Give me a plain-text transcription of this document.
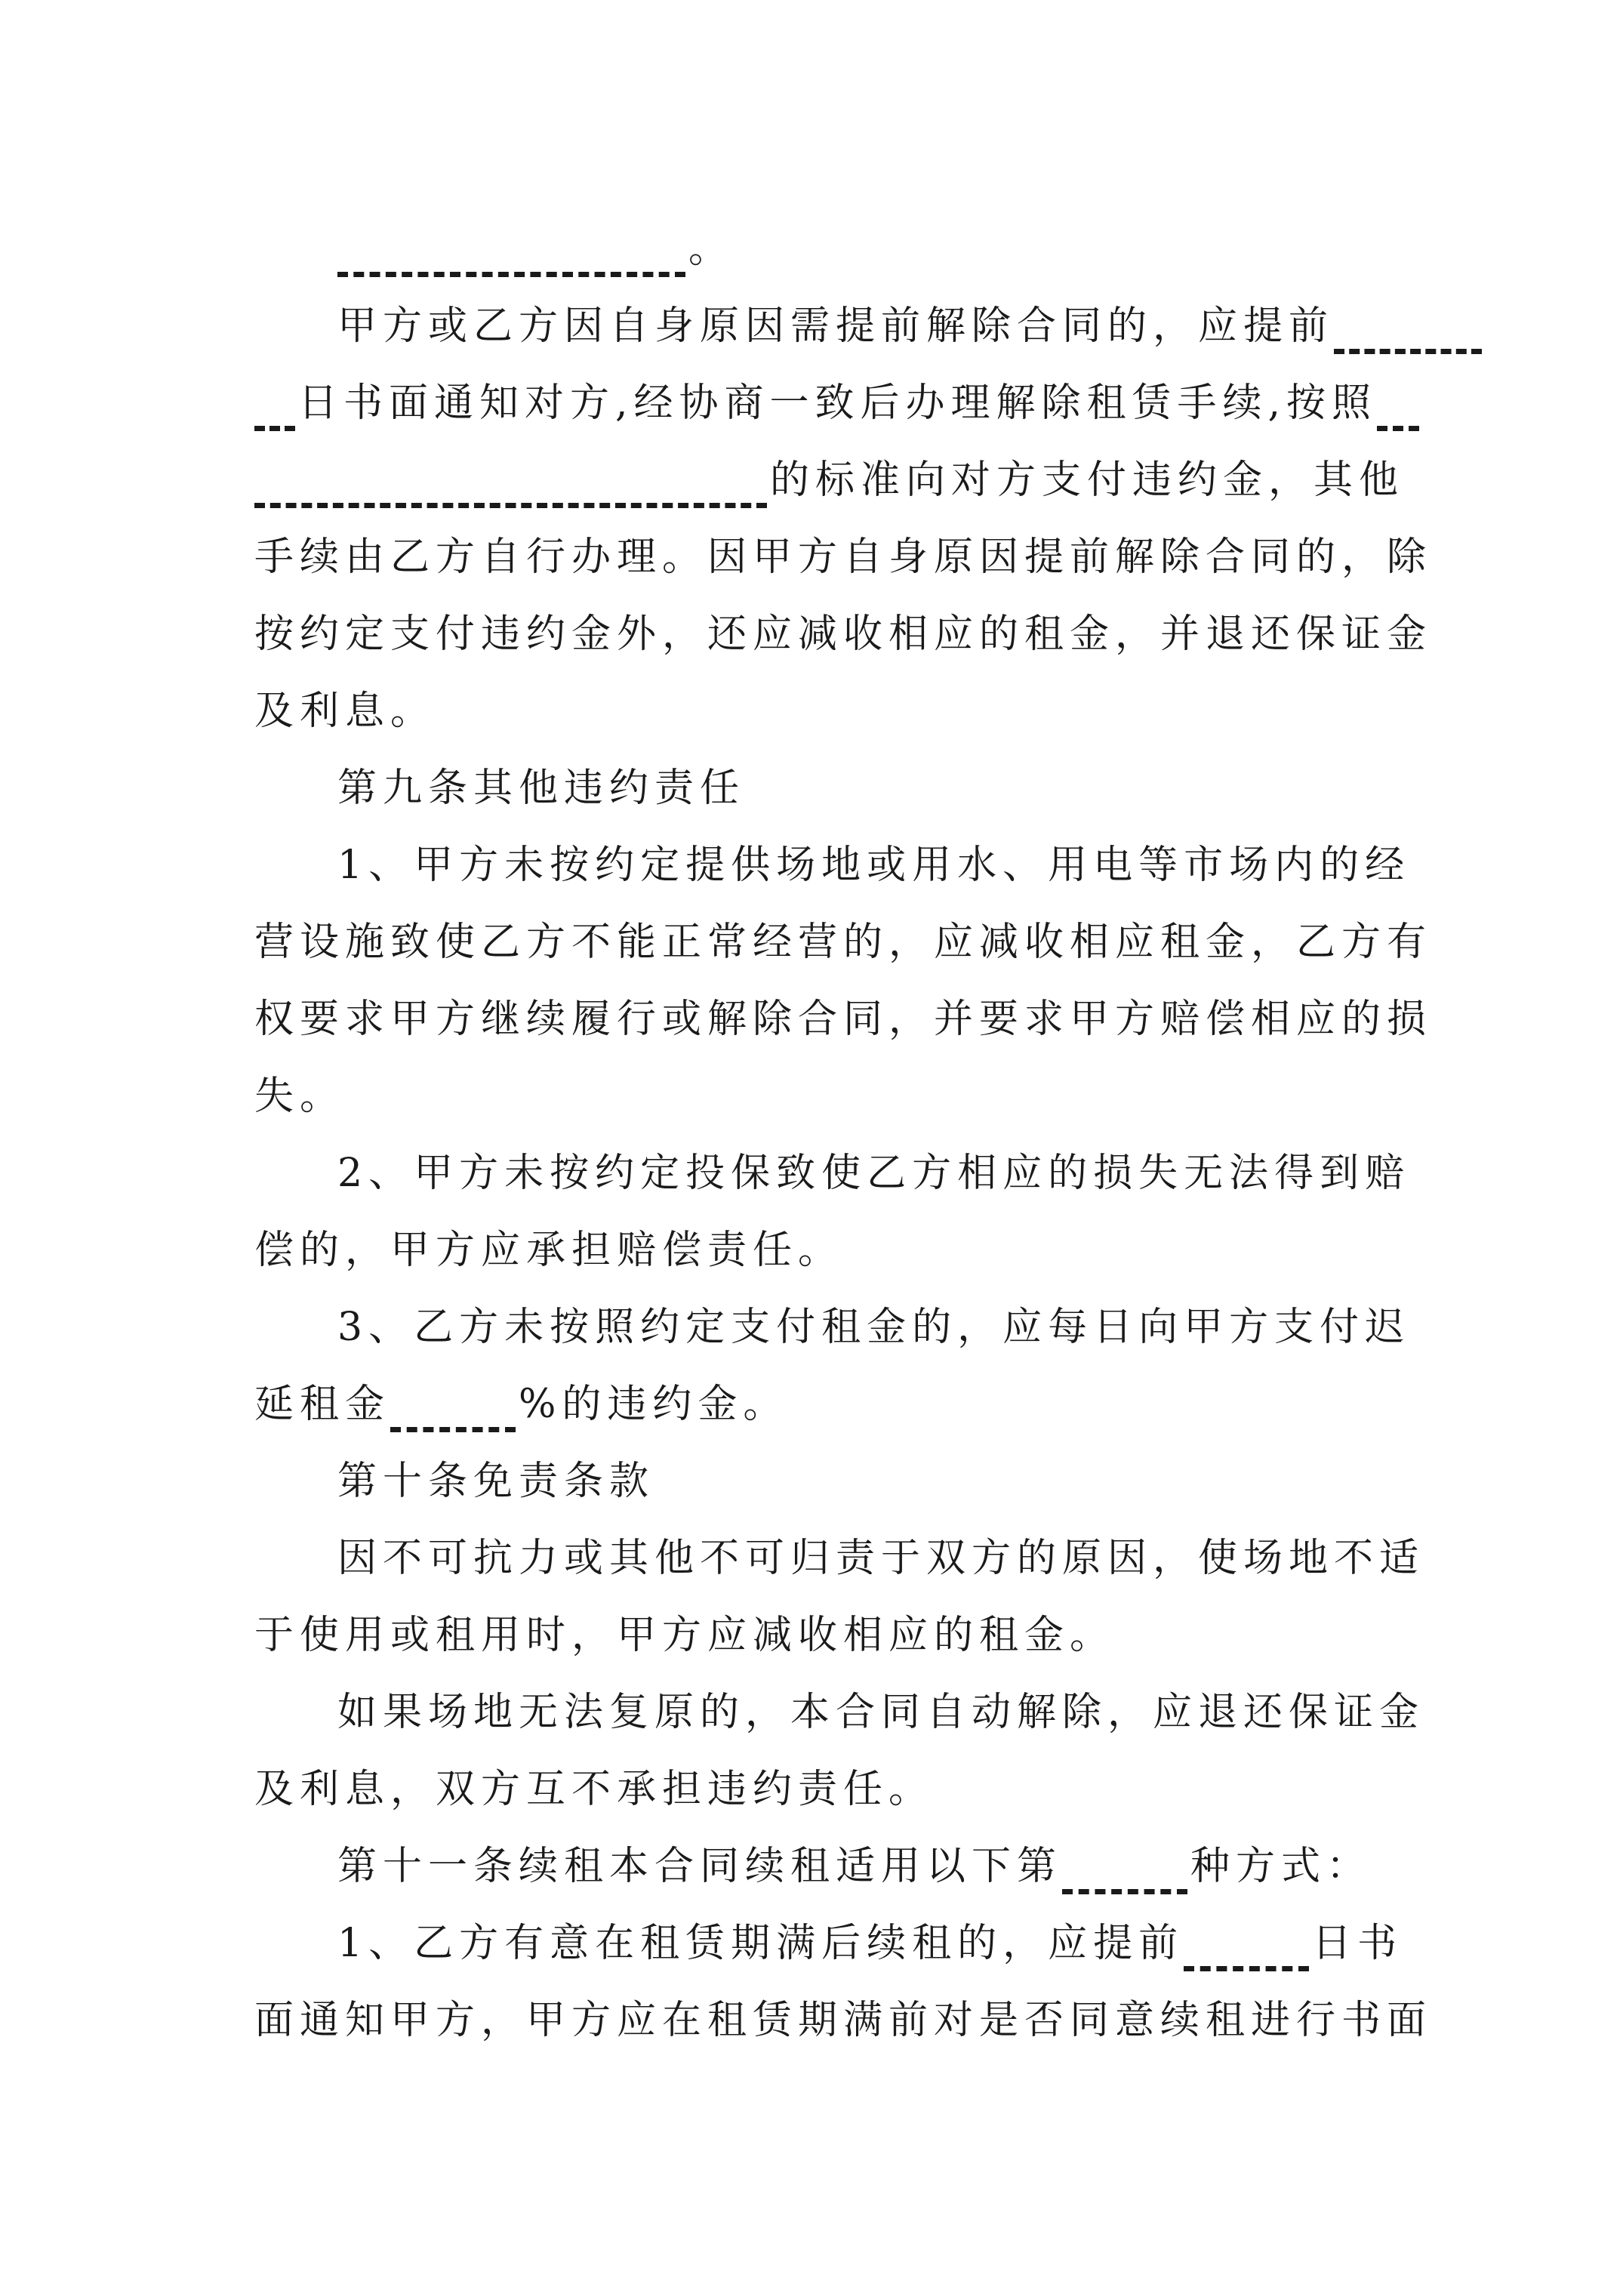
。
甲方或乙方因自身原因需提前解除合同的，应提前
日书面通知对方,经协商一致后办理解除租赁手续,按照
的标准向对方支付违约金，其他
手续由乙方自行办理。因甲方自身原因提前解除合同的，除
按约定支付违约金外，还应减收相应的租金，并退还保证金
及利息。
第九条其他违约责任
1、甲方未按约定提供场地或用水、用电等市场内的经
营设施致使乙方不能正常经营的，应减收相应租金，乙方有
权要求甲方继续履行或解除合同，并要求甲方赔偿相应的损
失。
2、甲方未按约定投保致使乙方相应的损失无法得到赔
偿的，甲方应承担赔偿责任。
3、乙方未按照约定支付租金的，应每日向甲方支付迟
延租金	%的违约金。
第十条免责条款
因不可抗力或其他不可归责于双方的原因，使场地不适
于使用或租用时，甲方应减收相应的租金。
如果场地无法复原的，本合同自动解除，应退还保证金
及利息，双方互不承担违约责任。
第十一条续租本合同续租适用以下第	种方式：
1、乙方有意在租赁期满后续租的，应提前	日书
面通知甲方，甲方应在租赁期满前对是否同意续租进行书面
